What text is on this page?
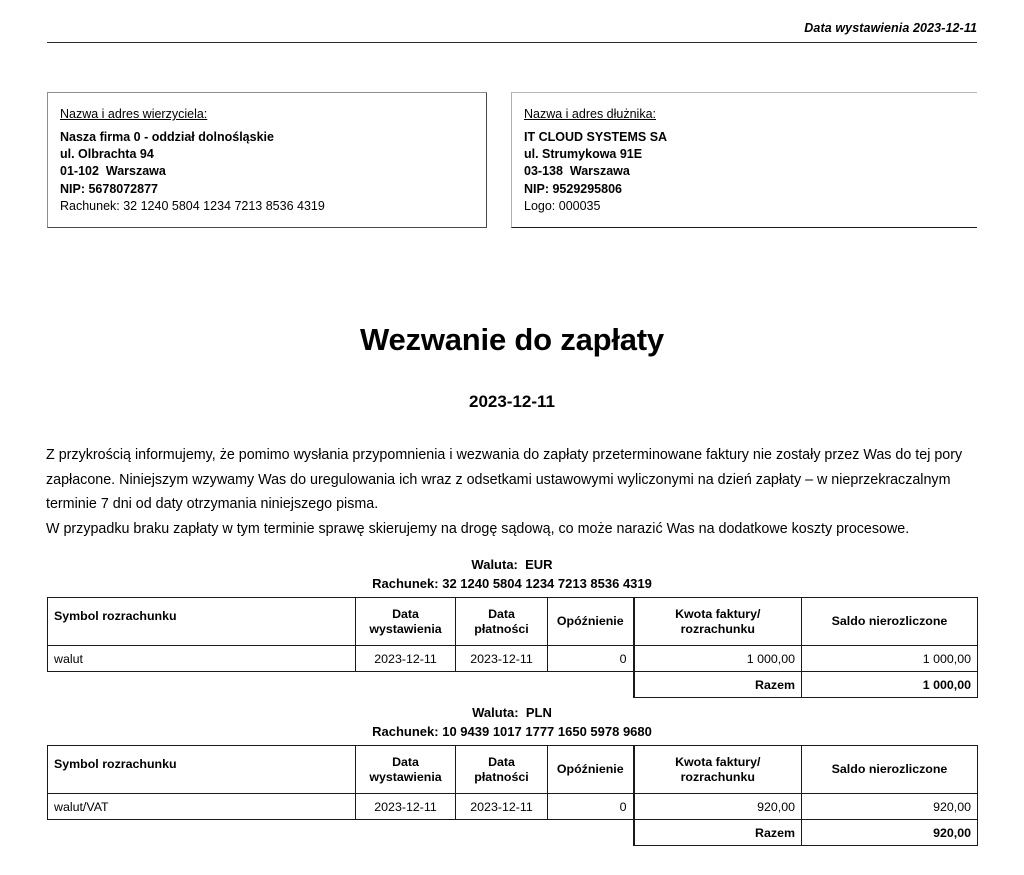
Data wystawienia 2023-12-11
Nazwa i adres wierzyciela:
Nasza firma 0 - oddział dolnośląskie
ul. Olbrachta 94
01-102  Warszawa
NIP: 5678072877
Rachunek: 32 1240 5804 1234 7213 8536 4319
Nazwa i adres dłużnika:
IT CLOUD SYSTEMS SA
ul. Strumykowa 91E
03-138  Warszawa
NIP: 9529295806
Logo: 000035
Wezwanie do zapłaty
2023-12-11

Z przykrością informujemy, że pomimo wysłania przypomnienia i wezwania do zapłaty przeterminowane faktury nie zostały przez Was do tej pory zapłacone. Niniejszym wzywamy Was do uregulowania ich wraz z odsetkami ustawowymi wyliczonymi na dzień zapłaty – w nieprzekraczalnym terminie 7 dni od daty otrzymania niniejszego pisma.

W przypadku braku zapłaty w tym terminie sprawę skierujemy na drogę sądową, co może narazić Was na dodatkowe koszty procesowe.

Waluta: EUR
Rachunek: 32 1240 5804 1234 7213 8536 4319
Symbol rozrachunku	Data wystawienia	Data płatności	Opóźnienie	Kwota faktury/ rozrachunku	Saldo nierozliczone
walut	2023-12-11	2023-12-11	0	1 000,00	1 000,00
				Razem	1 000,00
Waluta: PLN
Rachunek: 10 9439 1017 1777 1650 5978 9680
Symbol rozrachunku	Data wystawienia	Data płatności	Opóźnienie	Kwota faktury/ rozrachunku	Saldo nierozliczone
walut/VAT	2023-12-11	2023-12-11	0	920,00	920,00
				Razem	920,00
